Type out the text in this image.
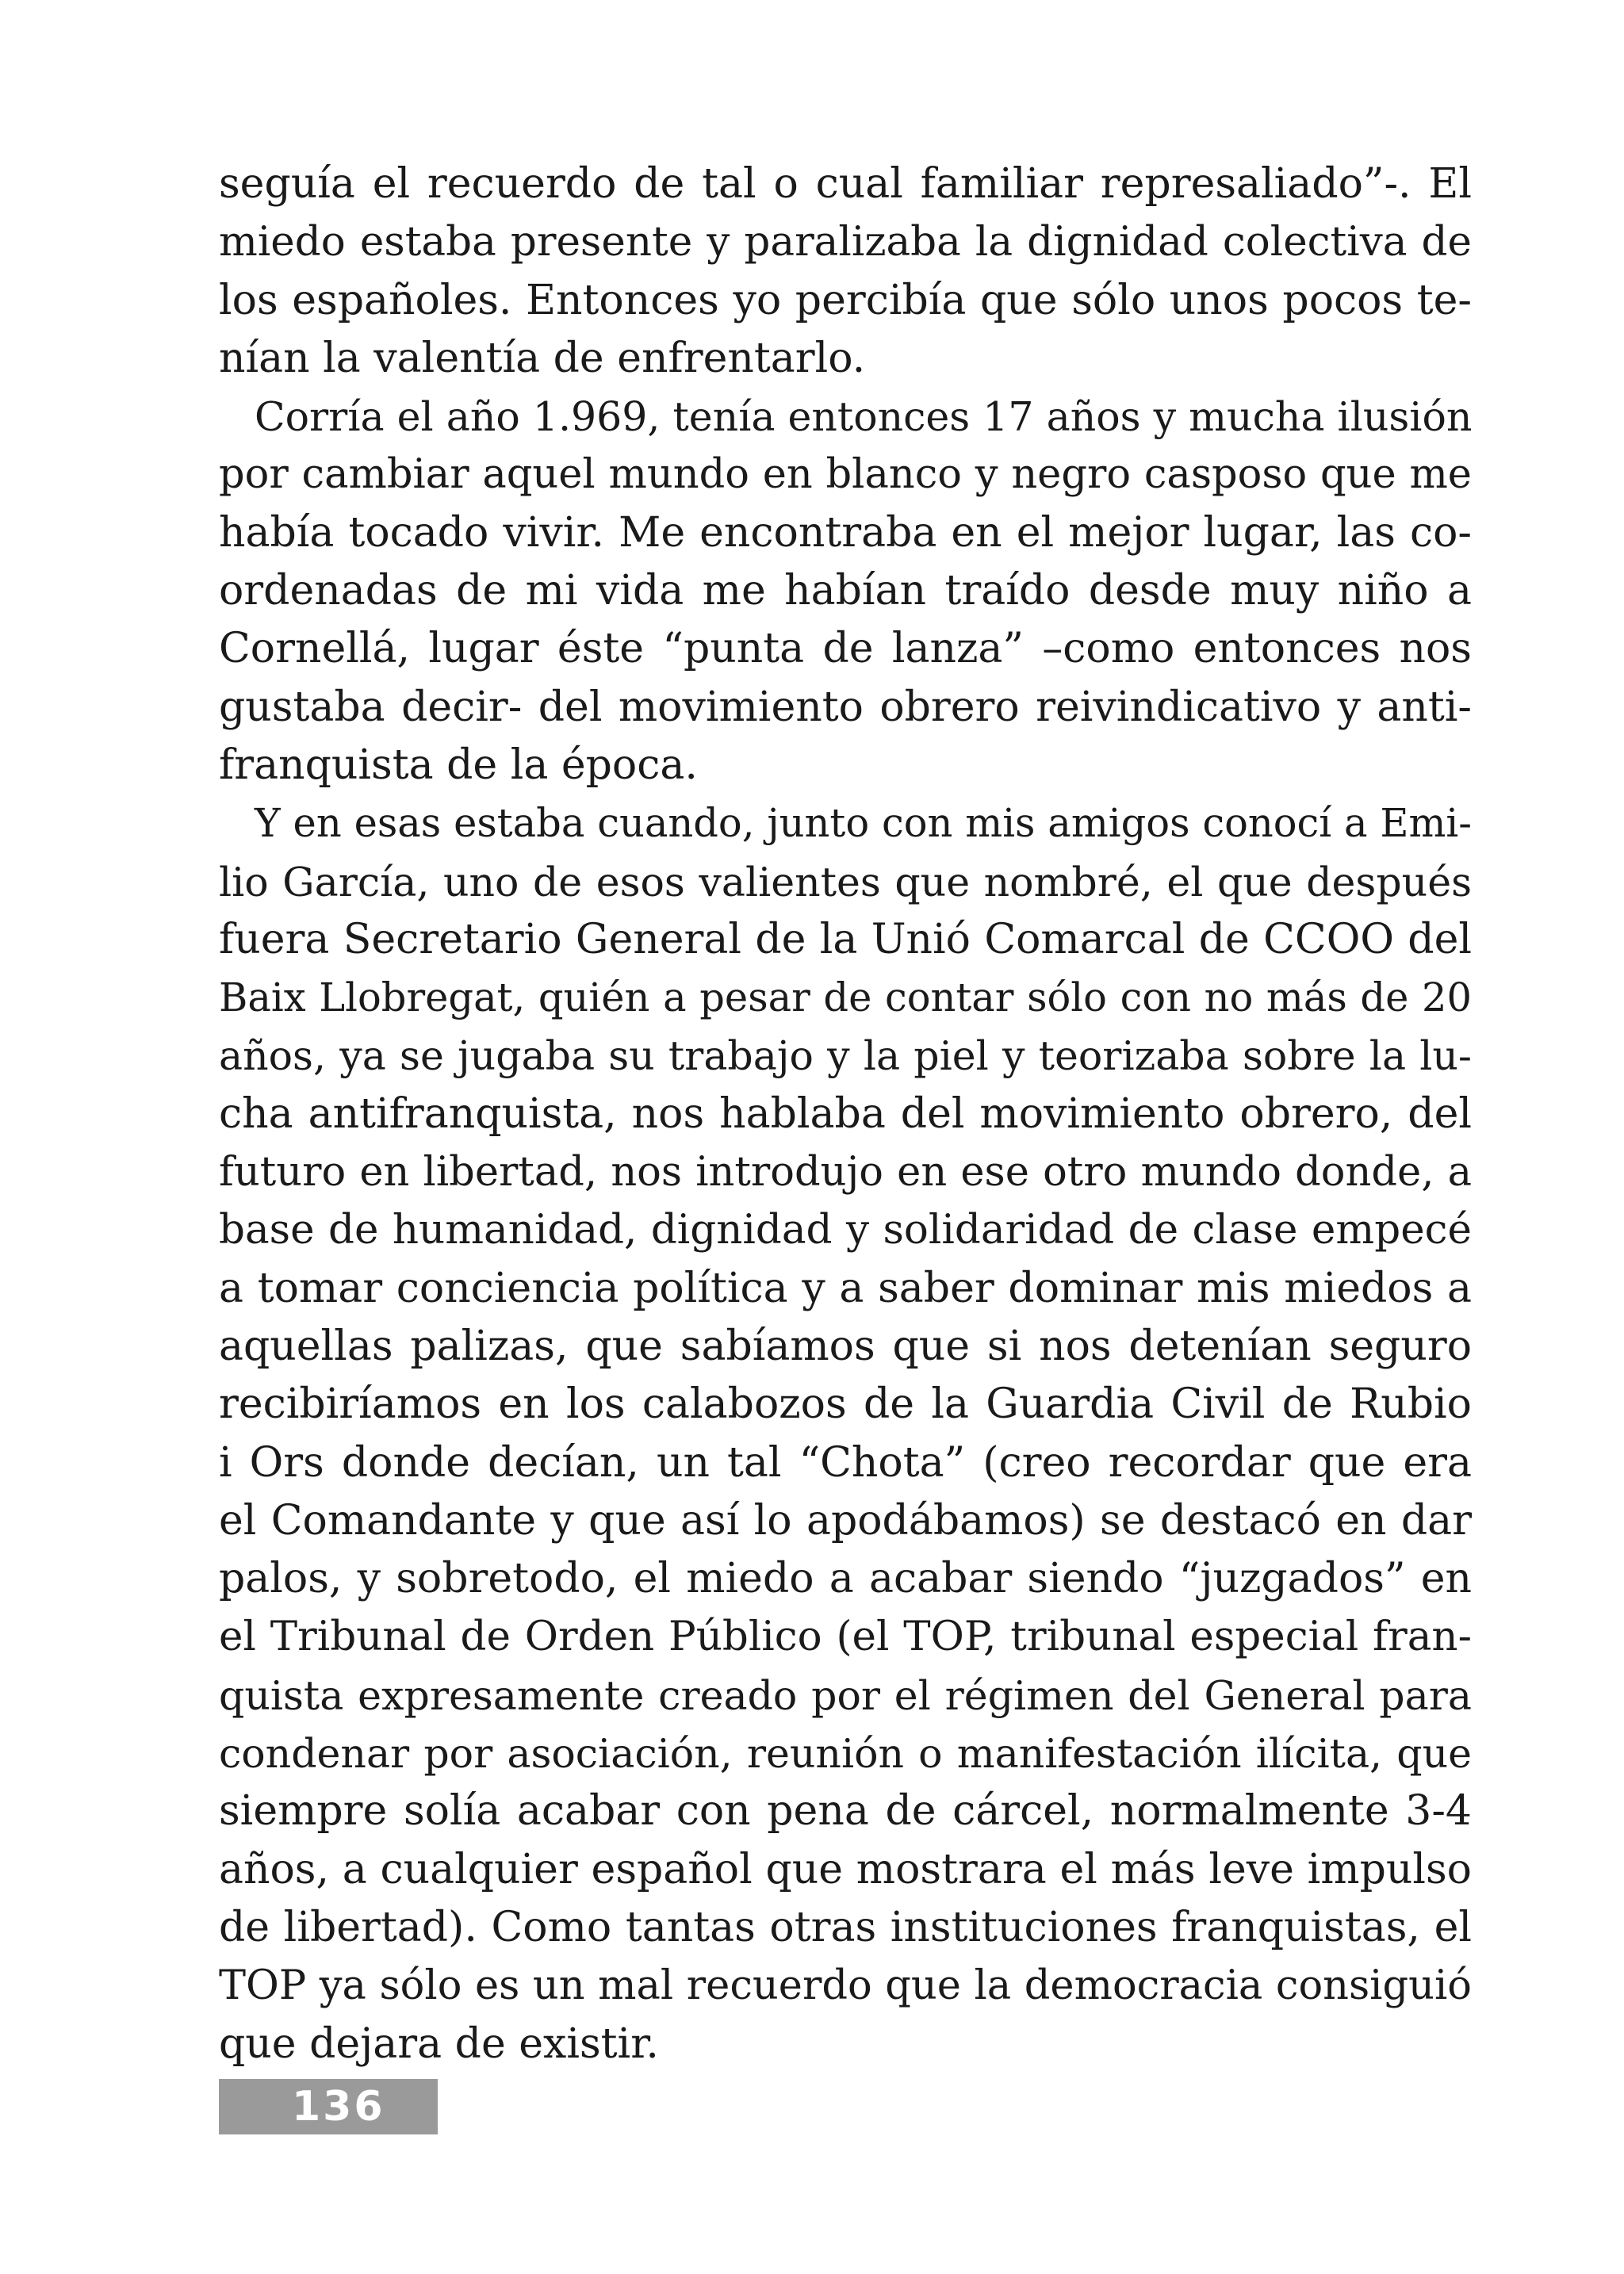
seguía el recuerdo de tal o cual familiar represaliado”-. El
miedo estaba presente y paralizaba la dignidad colectiva de
los españoles. Entonces yo percibía que sólo unos pocos te-
nían la valentía de enfrentarlo.
Corría el año 1.969, tenía entonces 17 años y mucha ilusión
por cambiar aquel mundo en blanco y negro casposo que me
había tocado vivir. Me encontraba en el mejor lugar, las co-
ordenadas de mi vida me habían traído desde muy niño a
Cornellá, lugar éste “punta de lanza” –como entonces nos
gustaba decir- del movimiento obrero reivindicativo y anti-
franquista de la época.
Y en esas estaba cuando, junto con mis amigos conocí a Emi-
lio García, uno de esos valientes que nombré, el que después
fuera Secretario General de la Unió Comarcal de CCOO del
Baix Llobregat, quién a pesar de contar sólo con no más de 20
años, ya se jugaba su trabajo y la piel y teorizaba sobre la lu-
cha antifranquista, nos hablaba del movimiento obrero, del
futuro en libertad, nos introdujo en ese otro mundo donde, a
base de humanidad, dignidad y solidaridad de clase empecé
a tomar conciencia política y a saber dominar mis miedos a
aquellas palizas, que sabíamos que si nos detenían seguro
recibiríamos en los calabozos de la Guardia Civil de Rubio
i Ors donde decían, un tal “Chota” (creo recordar que era
el Comandante y que así lo apodábamos) se destacó en dar
palos, y sobretodo, el miedo a acabar siendo “juzgados” en
el Tribunal de Orden Público (el TOP, tribunal especial fran-
quista expresamente creado por el régimen del General para
condenar por asociación, reunión o manifestación ilícita, que
siempre solía acabar con pena de cárcel, normalmente 3-4
años, a cualquier español que mostrara el más leve impulso
de libertad). Como tantas otras instituciones franquistas, el
TOP ya sólo es un mal recuerdo que la democracia consiguió
que dejara de existir.
136
